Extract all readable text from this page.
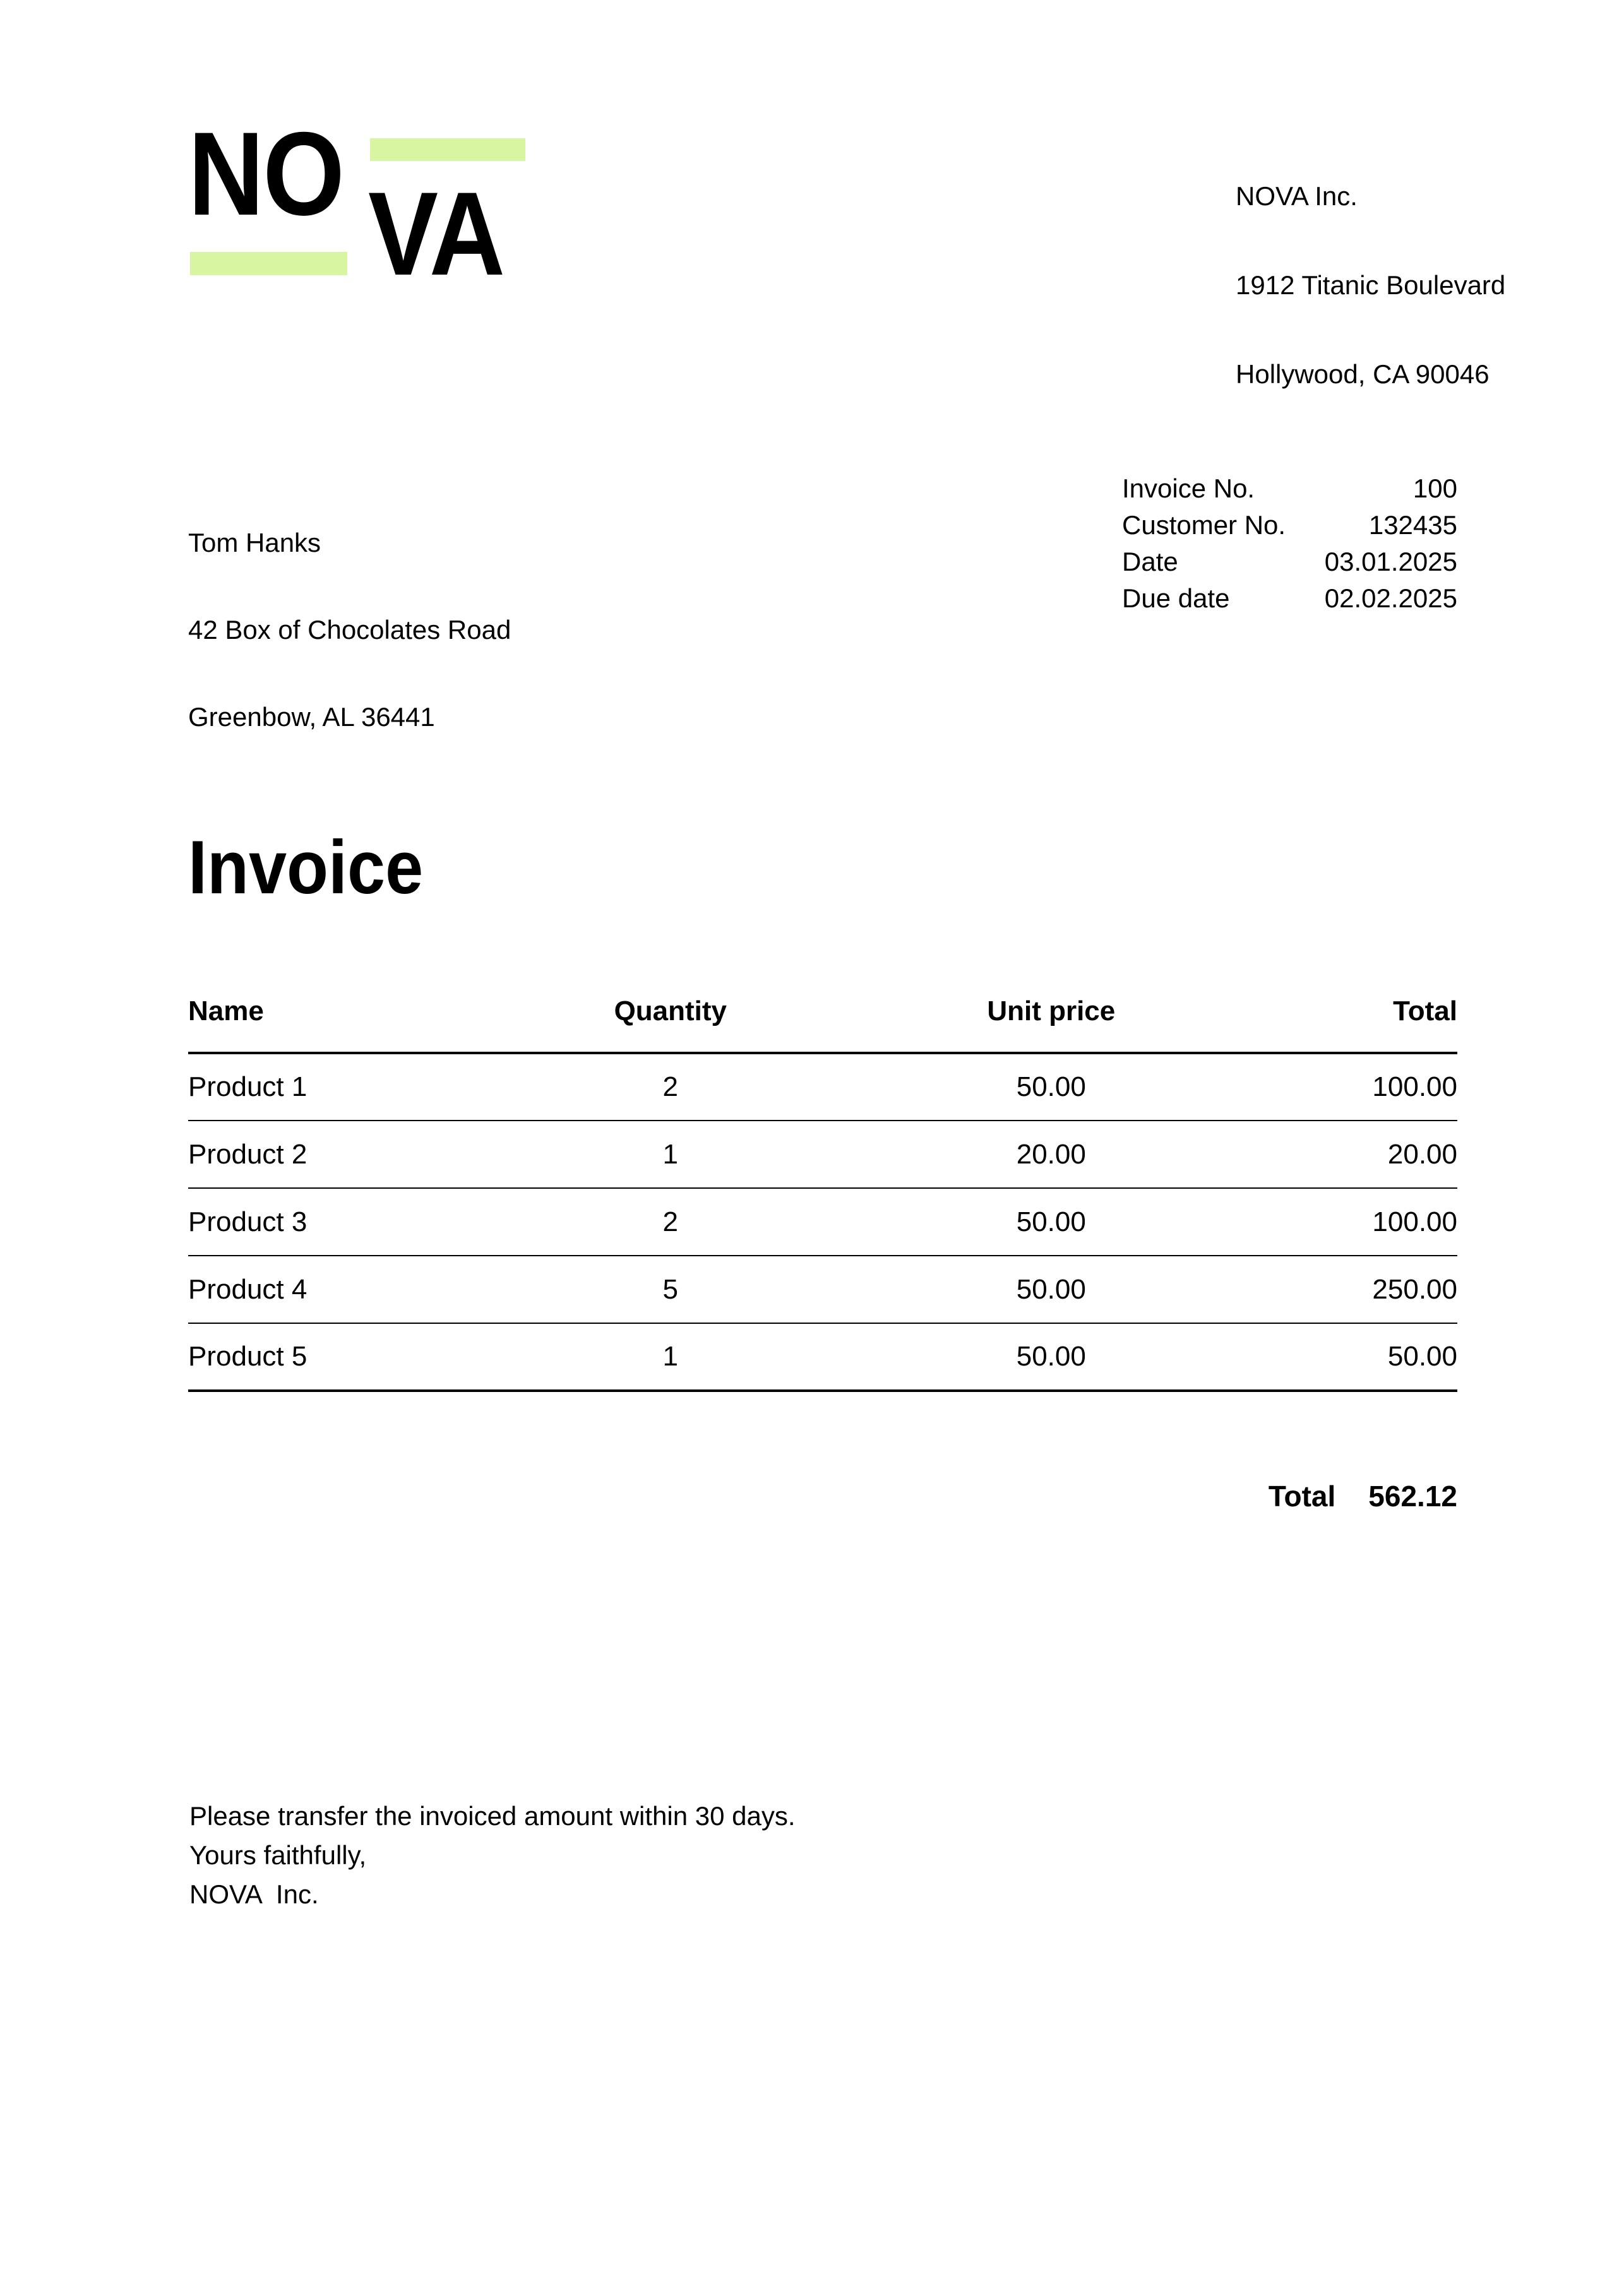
NO VA

	NOVA Inc.

1912 Titanic Boulevard

Hollywood, CA 90046

Tom Hanks

42 Box of Chocolates Road

Greenbow, AL 36441

Invoice No.	100
Customer No.	132435
Date	03.01.2025
Due date	02.02.2025
Invoice
Name	Quantity	Unit price	Total
Product 1	2	50.00	100.00
Product 2	1	20.00	20.00
Product 3	2	50.00	100.00
Product 4	5	50.00	250.00
Product 5	1	50.00	50.00
Total 562.12
Please transfer the invoiced amount within 30 days.
Yours faithfully,
NOVA  Inc.
